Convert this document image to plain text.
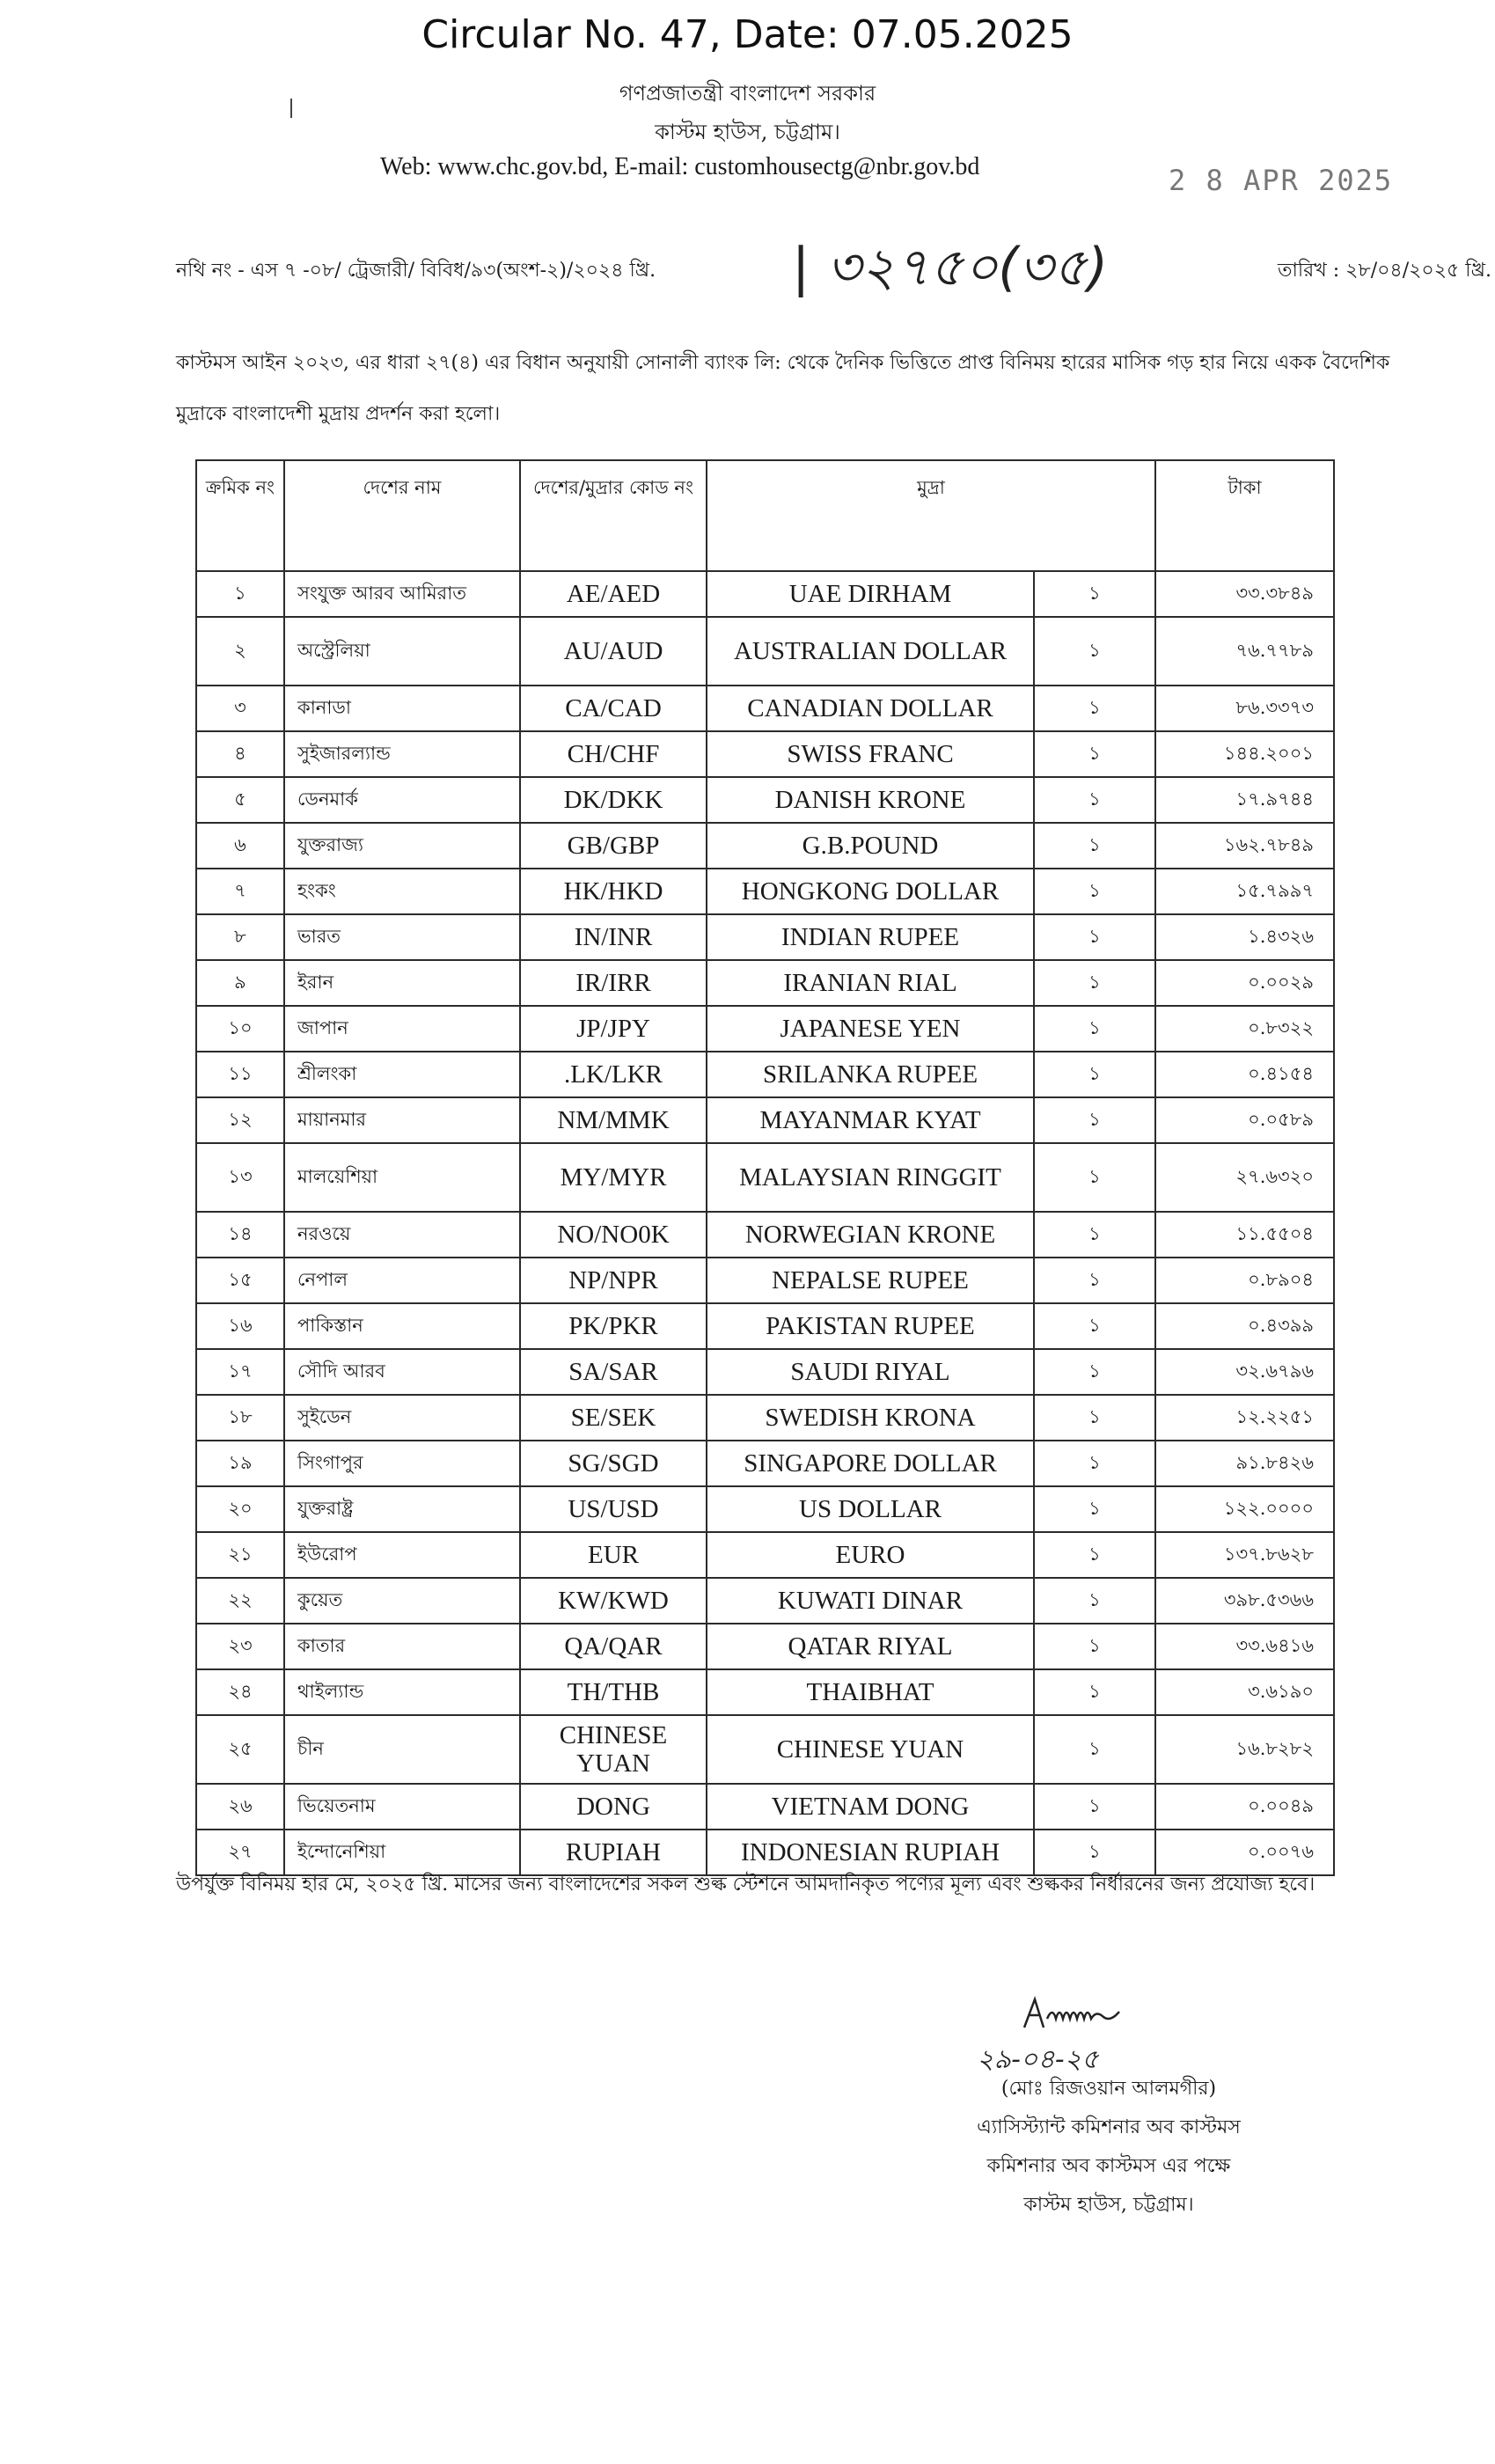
Circular No. 47, Date: 07.05.2025
গণপ্রজাতন্ত্রী বাংলাদেশ সরকার
কাস্টম হাউস, চট্টগ্রাম।
Web: www.chc.gov.bd, E-mail: customhousectg@nbr.gov.bd	2 8 APR 2025
নথি নং - এস ৭ -০৮/ ট্রেজারী/ বিবিধ/৯৩(অংশ-২)/২০২৪ খ্রি.	| ৩২৭৫০(৩৫)	তারিখ : ২৮/০৪/২০২৫ খ্রি.
কাস্টমস আইন ২০২৩, এর ধারা ২৭(৪) এর বিধান অনুযায়ী সোনালী ব্যাংক লি: থেকে দৈনিক ভিত্তিতে প্রাপ্ত বিনিময় হারের মাসিক গড় হার নিয়ে একক বৈদেশিক মুদ্রাকে বাংলাদেশী মুদ্রায় প্রদর্শন করা হলো।
ক্রমিক নং	দেশের নাম	দেশের/মুদ্রার কোড নং	মুদ্রা		টাকা
১	সংযুক্ত আরব আমিরাত	AE/AED	UAE DIRHAM	১	৩৩.৩৮৪৯
২	অস্ট্রেলিয়া	AU/AUD	AUSTRALIAN DOLLAR	১	৭৬.৭৭৮৯
৩	কানাডা	CA/CAD	CANADIAN DOLLAR	১	৮৬.৩৩৭৩
৪	সুইজারল্যান্ড	CH/CHF	SWISS FRANC	১	১৪৪.২০০১
৫	ডেনমার্ক	DK/DKK	DANISH KRONE	১	১৭.৯৭৪৪
৬	যুক্তরাজ্য	GB/GBP	G.B.POUND	১	১৬২.৭৮৪৯
৭	হংকং	HK/HKD	HONGKONG DOLLAR	১	১৫.৭৯৯৭
৮	ভারত	IN/INR	INDIAN RUPEE	১	১.৪৩২৬
৯	ইরান	IR/IRR	IRANIAN RIAL	১	০.০০২৯
১০	জাপান	JP/JPY	JAPANESE YEN	১	০.৮৩২২
১১	শ্রীলংকা	.LK/LKR	SRILANKA RUPEE	১	০.৪১৫৪
১২	মায়ানমার	NM/MMK	MAYANMAR KYAT	১	০.০৫৮৯
১৩	মালয়েশিয়া	MY/MYR	MALAYSIAN RINGGIT	১	২৭.৬৩২০
১৪	নরওয়ে	NO/NO0K	NORWEGIAN KRONE	১	১১.৫৫০৪
১৫	নেপাল	NP/NPR	NEPALSE RUPEE	১	০.৮৯০৪
১৬	পাকিস্তান	PK/PKR	PAKISTAN RUPEE	১	০.৪৩৯৯
১৭	সৌদি আরব	SA/SAR	SAUDI RIYAL	১	৩২.৬৭৯৬
১৮	সুইডেন	SE/SEK	SWEDISH KRONA	১	১২.২২৫১
১৯	সিংগাপুর	SG/SGD	SINGAPORE DOLLAR	১	৯১.৮৪২৬
২০	যুক্তরাষ্ট্র	US/USD	US DOLLAR	১	১২২.০০০০
২১	ইউরোপ	EUR	EURO	১	১৩৭.৮৬২৮
২২	কুয়েত	KW/KWD	KUWATI DINAR	১	৩৯৮.৫৩৬৬
২৩	কাতার	QA/QAR	QATAR RIYAL	১	৩৩.৬৪১৬
২৪	থাইল্যান্ড	TH/THB	THAIBHAT	১	৩.৬১৯০
২৫	চীন	CHINESE YUAN	CHINESE YUAN	১	১৬.৮২৮২
২৬	ভিয়েতনাম	DONG	VIETNAM DONG	১	০.০০৪৯
২৭	ইন্দোনেশিয়া	RUPIAH	INDONESIAN RUPIAH	১	০.০০৭৬
উপর্যুক্ত বিনিময় হার মে, ২০২৫ খ্রি. মাসের জন্য বাংলাদেশের সকল শুল্ক স্টেশনে আমদানিকৃত পণ্যের মূল্য এবং শুল্ককর নির্ধারনের জন্য প্রযোজ্য হবে।
২৯-০৪-২৫
(মোঃ রিজওয়ান আলমগীর)
এ্যাসিস্ট্যান্ট কমিশনার অব কাস্টমস
কমিশনার অব কাস্টমস এর পক্ষে
কাস্টম হাউস, চট্টগ্রাম।
